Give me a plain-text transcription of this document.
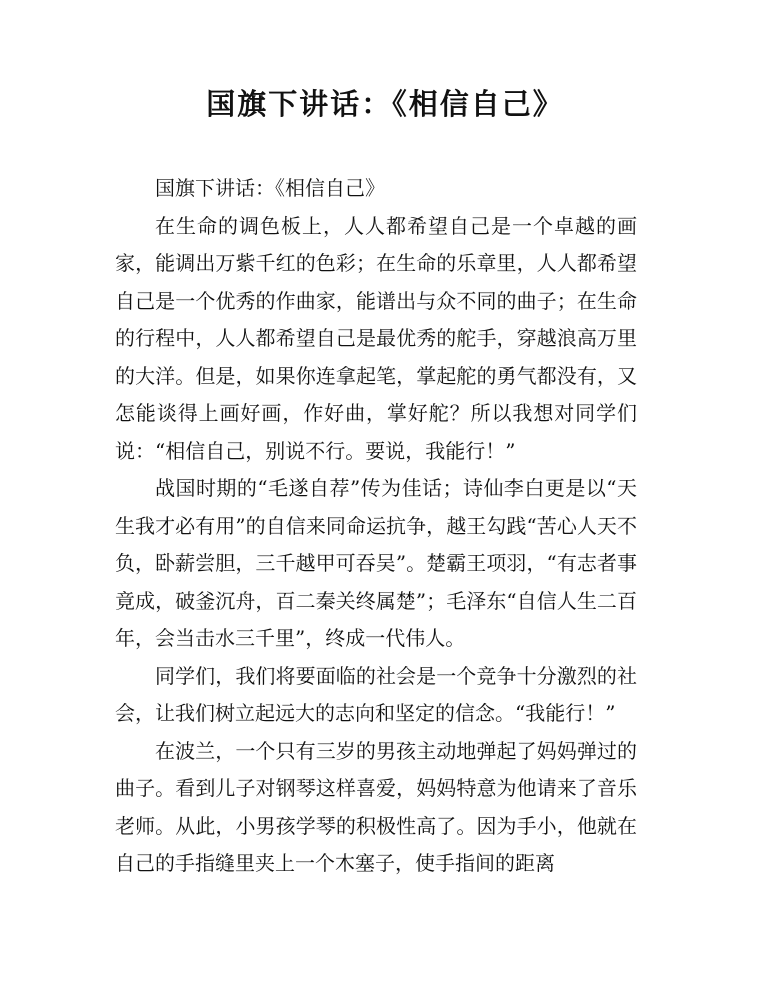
国旗下讲话：《相信自己》

国旗下讲话：《相信自己》

在生命的调色板上，人人都希望自己是一个卓越的画家，能调出万紫千红的色彩；在生命的乐章里，人人都希望自己是一个优秀的作曲家，能谱出与众不同的曲子；在生命的行程中，人人都希望自己是最优秀的舵手，穿越浪高万里的大洋。但是，如果你连拿起笔，掌起舵的勇气都没有，又怎能谈得上画好画，作好曲，掌好舵？所以我想对同学们说：“相信自己，别说不行。要说，我能行！”

战国时期的“毛遂自荐”传为佳话；诗仙李白更是以“天生我才必有用”的自信来同命运抗争，越王勾践“苦心人天不负，卧薪尝胆，三千越甲可吞吴”。楚霸王项羽，“有志者事竟成，破釜沉舟，百二秦关终属楚”；毛泽东“自信人生二百年，会当击水三千里”，终成一代伟人。

同学们，我们将要面临的社会是一个竞争十分激烈的社会，让我们树立起远大的志向和坚定的信念。“我能行！”

在波兰，一个只有三岁的男孩主动地弹起了妈妈弹过的曲子。看到儿子对钢琴这样喜爱，妈妈特意为他请来了音乐老师。从此，小男孩学琴的积极性高了。因为手小，他就在自己的手指缝里夹上一个木塞子，使手指间的距离
